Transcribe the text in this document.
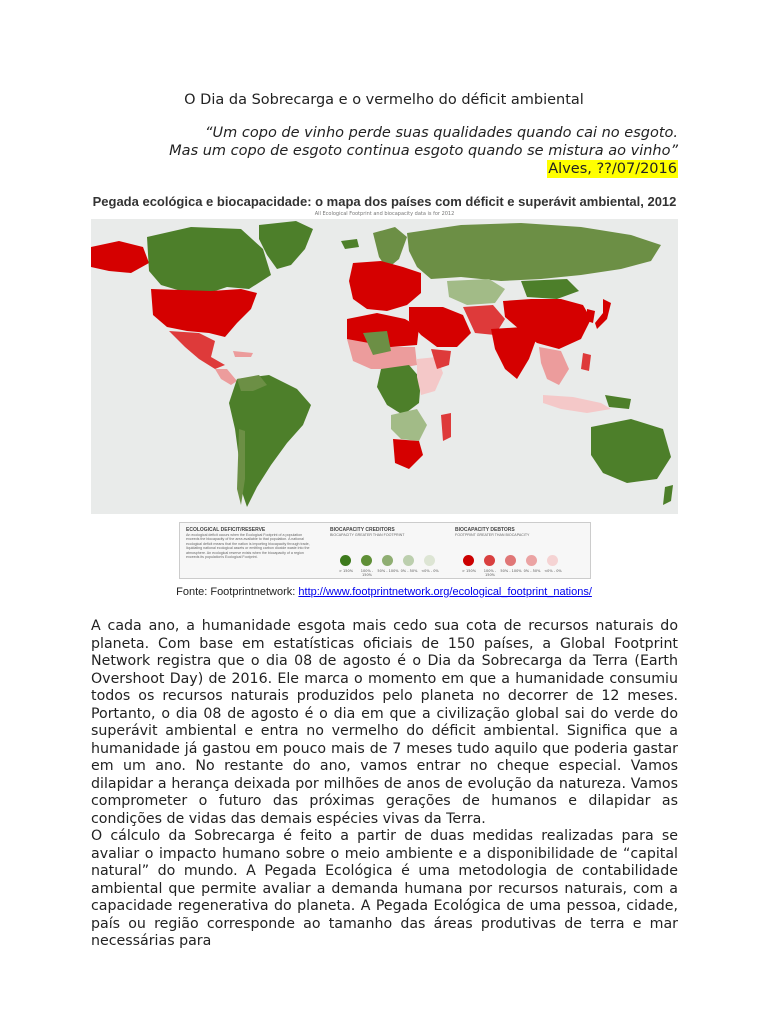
O Dia da Sobrecarga e o vermelho do déficit ambiental
“Um copo de vinho perde suas qualidades quando cai no esgoto.
Mas um copo de esgoto continua esgoto quando se mistura ao vinho”
Alves, ??/07/2016
Pegada ecológica e biocapacidade: o mapa dos países com déficit e superávit ambiental, 2012
All Ecological Footprint and biocapacity data is for 2012
ECOLOGICAL DEFICIT/RESERVE
An ecological deficit occurs when the Ecological Footprint of a population exceeds the biocapacity of the area available to that population. A national ecological deficit means that the nation is importing biocapacity through trade, liquidating national ecological assets or emitting carbon dioxide waste into the atmosphere. An ecological reserve exists when the biocapacity of a region exceeds its population's Ecological Footprint.
BIOCAPACITY CREDITORS
BIOCAPACITY GREATER THAN FOOTPRINT
BIOCAPACITY DEBTORS
FOOTPRINT GREATER THAN BIOCAPACITY
> 150%	100% - 150%
50% - 100% 0% - 50%	<0% - 0%	> 150%	100% - 150%
50% - 100% 0% - 50%	<0% - 0%
Fonte: Footprintnetwork: http://www.footprintnetwork.org/ecological_footprint_nations/
A cada ano, a humanidade esgota mais cedo sua cota de recursos naturais do planeta. Com base em estatísticas oficiais de 150 países, a Global Footprint Network registra que o dia 08 de agosto é o Dia da Sobrecarga da Terra (Earth Overshoot Day) de 2016. Ele marca o momento em que a humanidade consumiu todos os recursos naturais produzidos pelo planeta no decorrer de 12 meses. Portanto, o dia 08 de agosto é o dia em que a civilização global sai do verde do superávit ambiental e entra no vermelho do déficit ambiental. Significa que a humanidade já gastou em pouco mais de 7 meses tudo aquilo que poderia gastar em um ano. No restante do ano, vamos entrar no cheque especial. Vamos dilapidar a herança deixada por milhões de anos de evolução da natureza. Vamos comprometer o futuro das próximas gerações de humanos e dilapidar as condições de vidas das demais espécies vivas da Terra.
O cálculo da Sobrecarga é feito a partir de duas medidas realizadas para se avaliar o impacto humano sobre o meio ambiente e a disponibilidade de “capital natural” do mundo. A Pegada Ecológica é uma metodologia de contabilidade ambiental que permite avaliar a demanda humana por recursos naturais, com a capacidade regenerativa do planeta. A Pegada Ecológica de uma pessoa, cidade, país ou região corresponde ao tamanho das áreas produtivas de terra e mar necessárias para
